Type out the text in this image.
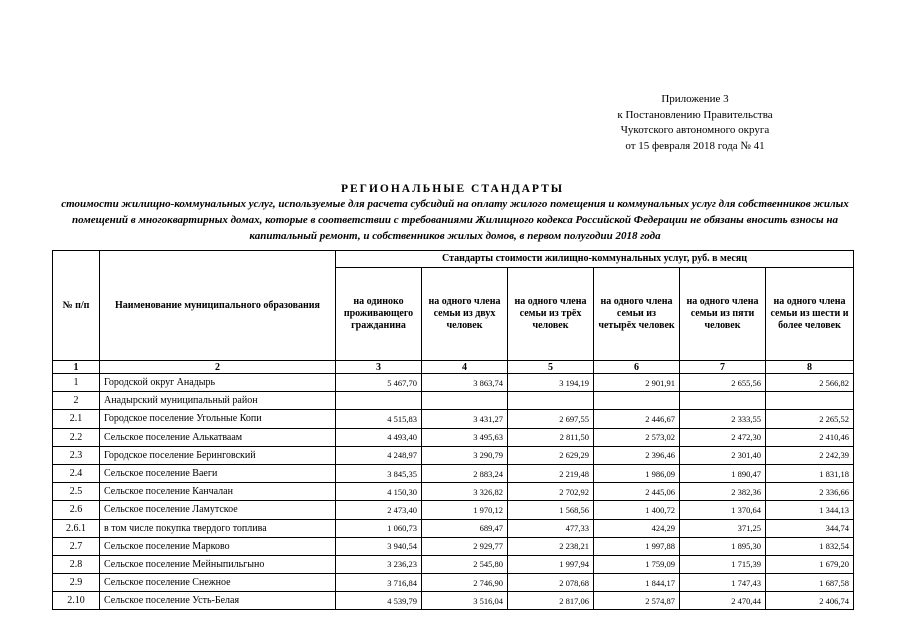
Приложение 3
к Постановлению Правительства
Чукотского автономного округа
от 15 февраля 2018 года № 41
РЕГИОНАЛЬНЫЕ СТАНДАРТЫ
стоимости жилищно-коммунальных услуг, используемые для расчета субсидий на оплату жилого помещения и коммунальных услуг для собственников жилых помещений в многоквартирных домах, которые в соответствии с требованиями Жилищного кодекса Российской Федерации не обязаны вносить взносы на капитальный ремонт, и собственников жилых домов, в первом полугодии 2018 года
№ п/п	Наименование муниципального образования	Стандарты стоимости жилищно-коммунальных услуг, руб. в месяц					
		на одиноко проживающего гражданина	на одного члена семьи из двух человек	на одного члена семьи из трёх человек	на одного члена семьи из четырёх человек	на одного члена семьи из пяти человек	на одного члена семьи из шести и более человек
1	2	3	4	5	6	7	8
1	Городской округ Анадырь	5 467,70	3 863,74	3 194,19	2 901,91	2 655,56	2 566,82
2	Анадырский муниципальный район						
2.1	Городское поселение Угольные Копи	4 515,83	3 431,27	2 697,55	2 446,67	2 333,55	2 265,52
2.2	Сельское поселение Алькатваам	4 493,40	3 495,63	2 811,50	2 573,02	2 472,30	2 410,46
2.3	Городское поселение Беринговский	4 248,97	3 290,79	2 629,29	2 396,46	2 301,40	2 242,39
2.4	Сельское поселение Ваеги	3 845,35	2 883,24	2 219,48	1 986,09	1 890,47	1 831,18
2.5	Сельское поселение Канчалан	4 150,30	3 326,82	2 702,92	2 445,06	2 382,36	2 336,66
2.6	Сельское поселение Ламутское	2 473,40	1 970,12	1 568,56	1 400,72	1 370,64	1 344,13
2.6.1	в том числе покупка твердого топлива	1 060,73	689,47	477,33	424,29	371,25	344,74
2.7	Сельское поселение Марково	3 940,54	2 929,77	2 238,21	1 997,88	1 895,30	1 832,54
2.8	Сельское поселение Мейныпильгыно	3 236,23	2 545,80	1 997,94	1 759,09	1 715,39	1 679,20
2.9	Сельское поселение Снежное	3 716,84	2 746,90	2 078,68	1 844,17	1 747,43	1 687,58
2.10	Сельское поселение Усть-Белая	4 539,79	3 516,04	2 817,06	2 574,87	2 470,44	2 406,74
